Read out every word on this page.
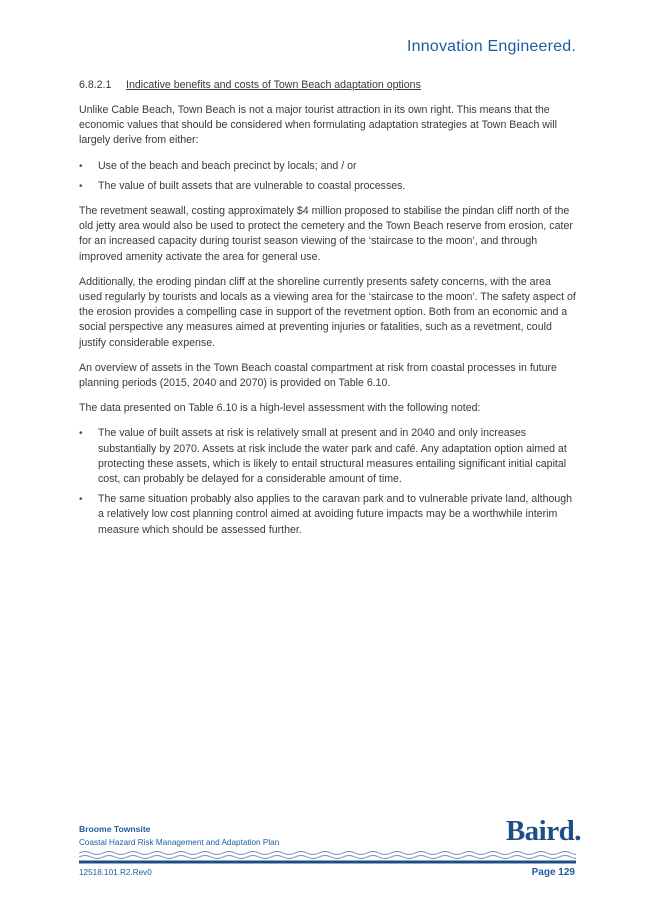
Innovation Engineered.
6.8.2.1 Indicative benefits and costs of Town Beach adaptation options

Unlike Cable Beach, Town Beach is not a major tourist attraction in its own right. This means that the economic values that should be considered when formulating adaptation strategies at Town Beach will largely derive from either:

• Use of the beach and beach precinct by locals; and / or
• The value of built assets that are vulnerable to coastal processes.

The revetment seawall, costing approximately $4 million proposed to stabilise the pindan cliff north of the old jetty area would also be used to protect the cemetery and the Town Beach reserve from erosion, cater for an increased capacity during tourist season viewing of the ‘staircase to the moon’, and through improved amenity activate the area for general use.

Additionally, the eroding pindan cliff at the shoreline currently presents safety concerns, with the area used regularly by tourists and locals as a viewing area for the ‘staircase to the moon’. The safety aspect of the erosion provides a compelling case in support of the revetment option. Both from an economic and a social perspective any measures aimed at preventing injuries or fatalities, such as a revetment, could justify considerable expense.

An overview of assets in the Town Beach coastal compartment at risk from coastal processes in future planning periods (2015, 2040 and 2070) is provided on Table 6.10.

The data presented on Table 6.10 is a high-level assessment with the following noted:

• The value of built assets at risk is relatively small at present and in 2040 and only increases substantially by 2070. Assets at risk include the water park and café. Any adaptation option aimed at protecting these assets, which is likely to entail structural measures entailing significant initial capital cost, can probably be delayed for a considerable amount of time.
• The same situation probably also applies to the caravan park and to vulnerable private land, although a relatively low cost planning control aimed at avoiding future impacts may be a worthwhile interim measure which should be assessed further.
Broome Townsite
Coastal Hazard Risk Management and Adaptation Plan	Baird.
12518.101.R2.Rev0	Page 129
